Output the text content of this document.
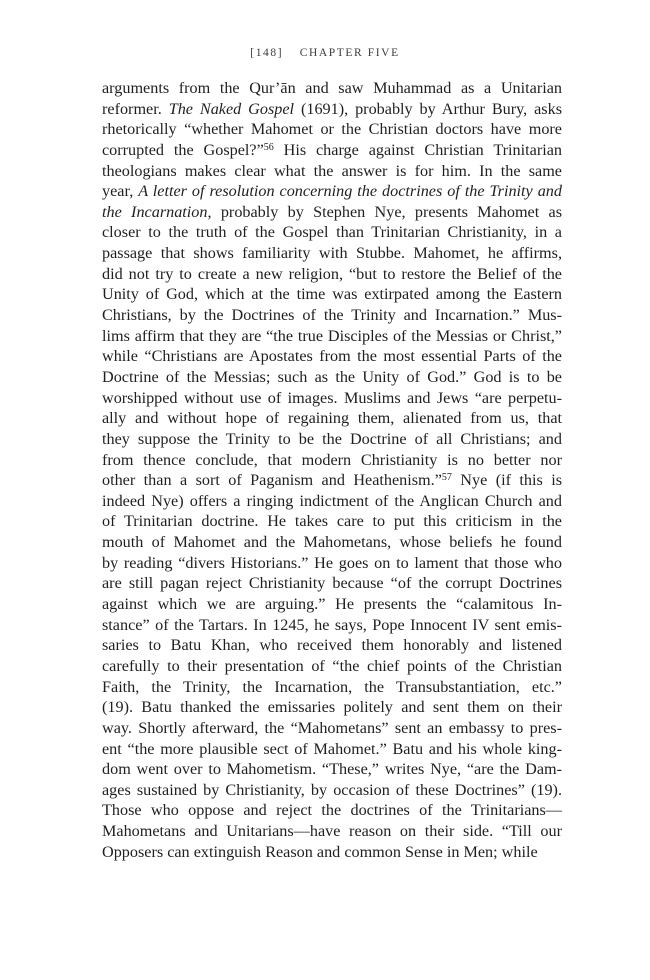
[148] CHAPTER FIVE
arguments from the Qur’ān and saw Muhammad as a Unitarian
reformer. The Naked Gospel (1691), probably by Arthur Bury, asks
rhetorically “whether Mahomet or the Christian doctors have more
corrupted the Gospel?”$^{56}$ His charge against Christian Trinitarian
theologians makes clear what the answer is for him. In the same
year, A letter of resolution concerning the doctrines of the Trinity and
the Incarnation, probably by Stephen Nye, presents Mahomet as
closer to the truth of the Gospel than Trinitarian Christianity, in a
passage that shows familiarity with Stubbe. Mahomet, he affirms,
did not try to create a new religion, “but to restore the Belief of the
Unity of God, which at the time was extirpated among the Eastern
Christians, by the Doctrines of the Trinity and Incarnation.” Mus-
lims affirm that they are “the true Disciples of the Messias or Christ,”
while “Christians are Apostates from the most essential Parts of the
Doctrine of the Messias; such as the Unity of God.” God is to be
worshipped without use of images. Muslims and Jews “are perpetu-
ally and without hope of regaining them, alienated from us, that
they suppose the Trinity to be the Doctrine of all Christians; and
from thence conclude, that modern Christianity is no better nor
other than a sort of Paganism and Heathenism.”$^{57}$ Nye (if this is
indeed Nye) offers a ringing indictment of the Anglican Church and
of Trinitarian doctrine. He takes care to put this criticism in the
mouth of Mahomet and the Mahometans, whose beliefs he found
by reading “divers Historians.” He goes on to lament that those who
are still pagan reject Christianity because “of the corrupt Doctrines
against which we are arguing.” He presents the “calamitous In-
stance” of the Tartars. In 1245, he says, Pope Innocent IV sent emis-
saries to Batu Khan, who received them honorably and listened
carefully to their presentation of “the chief points of the Christian
Faith, the Trinity, the Incarnation, the Transubstantiation, etc.”
(19). Batu thanked the emissaries politely and sent them on their
way. Shortly afterward, the “Mahometans” sent an embassy to pres-
ent “the more plausible sect of Mahomet.” Batu and his whole king-
dom went over to Mahometism. “These,” writes Nye, “are the Dam-
ages sustained by Christianity, by occasion of these Doctrines” (19).
Those who oppose and reject the doctrines of the Trinitarians—
Mahometans and Unitarians—have reason on their side. “Till our
Opposers can extinguish Reason and common Sense in Men; while
